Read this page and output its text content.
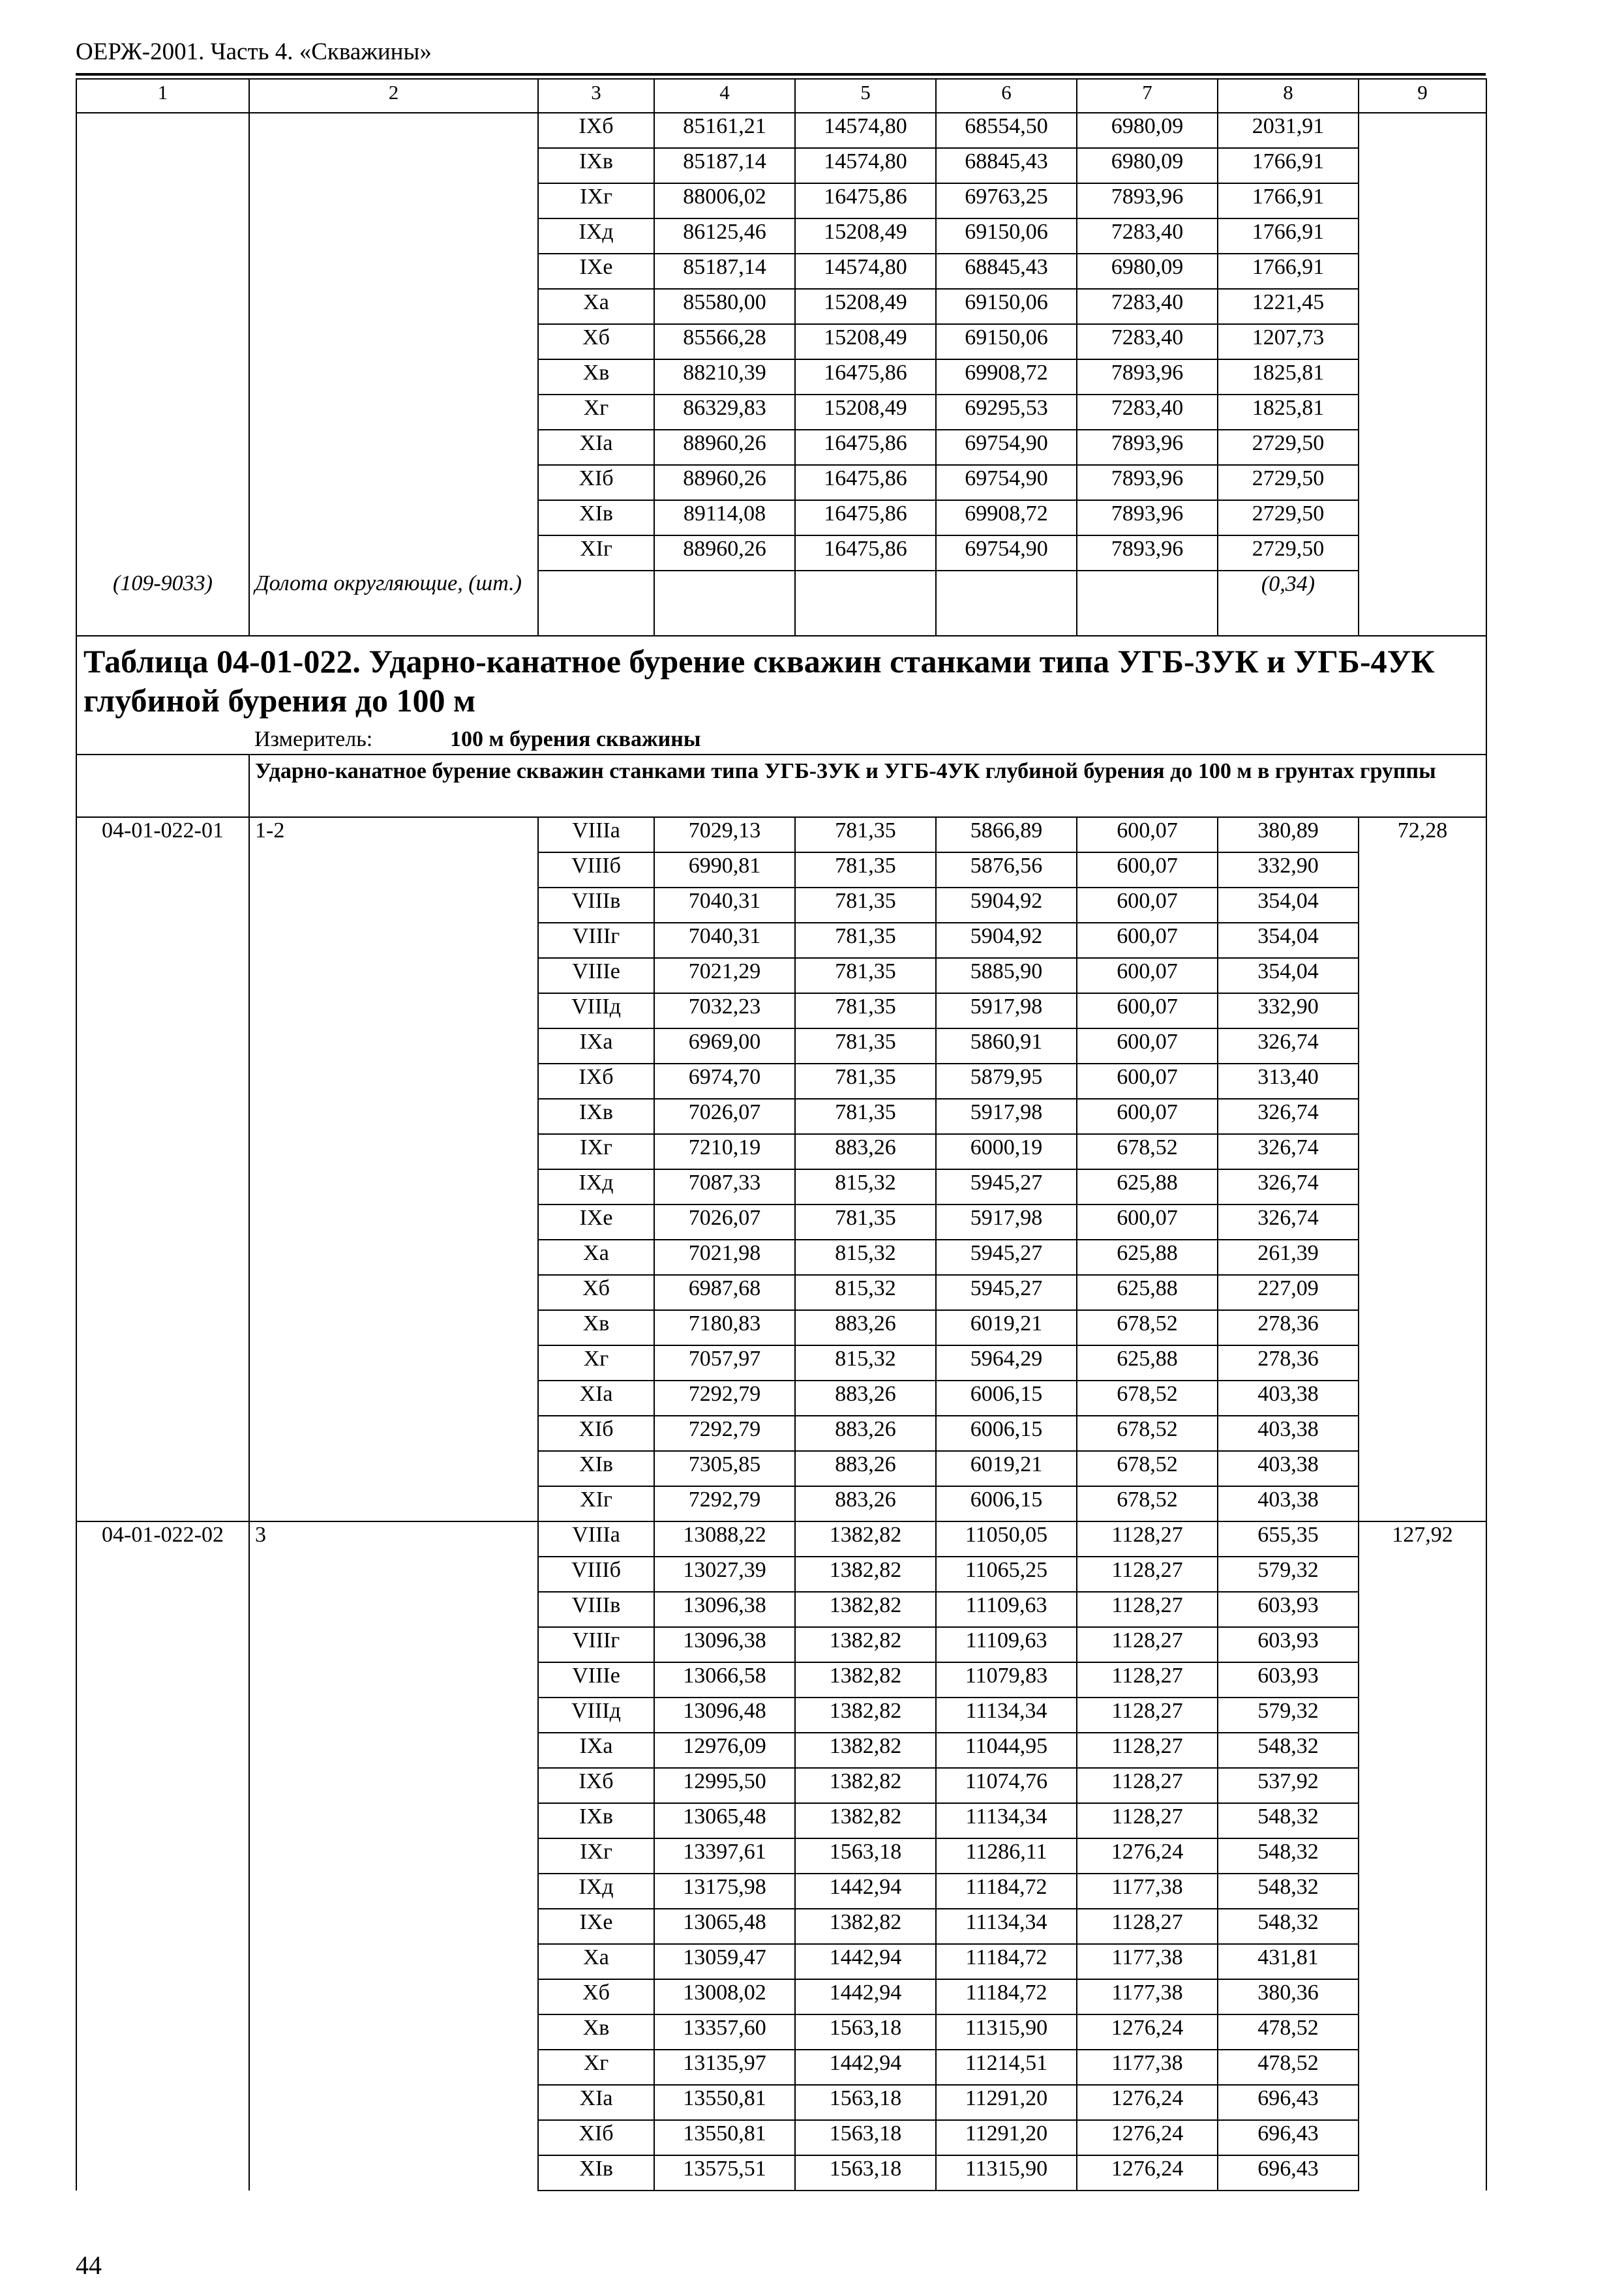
ОЕРЖ-2001. Часть 4. «Скважины»
1	2	3	4	5	6	7	8	9
		IXб	85161,21	14574,80	68554,50	6980,09	2031,91	
		IXв	85187,14	14574,80	68845,43	6980,09	1766,91	
		IXг	88006,02	16475,86	69763,25	7893,96	1766,91	
		IXд	86125,46	15208,49	69150,06	7283,40	1766,91	
		IXе	85187,14	14574,80	68845,43	6980,09	1766,91	
		Xа	85580,00	15208,49	69150,06	7283,40	1221,45	
		Xб	85566,28	15208,49	69150,06	7283,40	1207,73	
		Xв	88210,39	16475,86	69908,72	7893,96	1825,81	
		Xг	86329,83	15208,49	69295,53	7283,40	1825,81	
		XIа	88960,26	16475,86	69754,90	7893,96	2729,50	
		XIб	88960,26	16475,86	69754,90	7893,96	2729,50	
		XIв	89114,08	16475,86	69908,72	7893,96	2729,50	
		XIг	88960,26	16475,86	69754,90	7893,96	2729,50	
(109-9033)	Долота округляющие, (шт.)						(0,34)	

Таблица 04-01-022. Ударно-канатное бурение скважин станками типа УГБ-3УК и УГБ-4УК глубиной бурения до 100 м
Измеритель: 100 м бурения скважины								

	Ударно-канатное бурение скважин станками типа УГБ-3УК и УГБ-4УК глубиной бурения до 100 м в грунтах группы							
04-01-022-01	1-2	VIIIа	7029,13	781,35	5866,89	600,07	380,89	72,28
		VIIIб	6990,81	781,35	5876,56	600,07	332,90	
		VIIIв	7040,31	781,35	5904,92	600,07	354,04	
		VIIIг	7040,31	781,35	5904,92	600,07	354,04	
		VIIIе	7021,29	781,35	5885,90	600,07	354,04	
		VIIIд	7032,23	781,35	5917,98	600,07	332,90	
		IXа	6969,00	781,35	5860,91	600,07	326,74	
		IXб	6974,70	781,35	5879,95	600,07	313,40	
		IXв	7026,07	781,35	5917,98	600,07	326,74	
		IXг	7210,19	883,26	6000,19	678,52	326,74	
		IXд	7087,33	815,32	5945,27	625,88	326,74	
		IXе	7026,07	781,35	5917,98	600,07	326,74	
		Xа	7021,98	815,32	5945,27	625,88	261,39	
		Xб	6987,68	815,32	5945,27	625,88	227,09	
		Xв	7180,83	883,26	6019,21	678,52	278,36	
		Xг	7057,97	815,32	5964,29	625,88	278,36	
		XIа	7292,79	883,26	6006,15	678,52	403,38	
		XIб	7292,79	883,26	6006,15	678,52	403,38	
		XIв	7305,85	883,26	6019,21	678,52	403,38	
		XIг	7292,79	883,26	6006,15	678,52	403,38	
04-01-022-02	3	VIIIа	13088,22	1382,82	11050,05	1128,27	655,35	127,92
		VIIIб	13027,39	1382,82	11065,25	1128,27	579,32	
		VIIIв	13096,38	1382,82	11109,63	1128,27	603,93	
		VIIIг	13096,38	1382,82	11109,63	1128,27	603,93	
		VIIIе	13066,58	1382,82	11079,83	1128,27	603,93	
		VIIIд	13096,48	1382,82	11134,34	1128,27	579,32	
		IXа	12976,09	1382,82	11044,95	1128,27	548,32	
		IXб	12995,50	1382,82	11074,76	1128,27	537,92	
		IXв	13065,48	1382,82	11134,34	1128,27	548,32	
		IXг	13397,61	1563,18	11286,11	1276,24	548,32	
		IXд	13175,98	1442,94	11184,72	1177,38	548,32	
		IXе	13065,48	1382,82	11134,34	1128,27	548,32	
		Xа	13059,47	1442,94	11184,72	1177,38	431,81	
		Xб	13008,02	1442,94	11184,72	1177,38	380,36	
		Xв	13357,60	1563,18	11315,90	1276,24	478,52	
		Xг	13135,97	1442,94	11214,51	1177,38	478,52	
		XIа	13550,81	1563,18	11291,20	1276,24	696,43	
		XIб	13550,81	1563,18	11291,20	1276,24	696,43	
		XIв	13575,51	1563,18	11315,90	1276,24	696,43	
44
